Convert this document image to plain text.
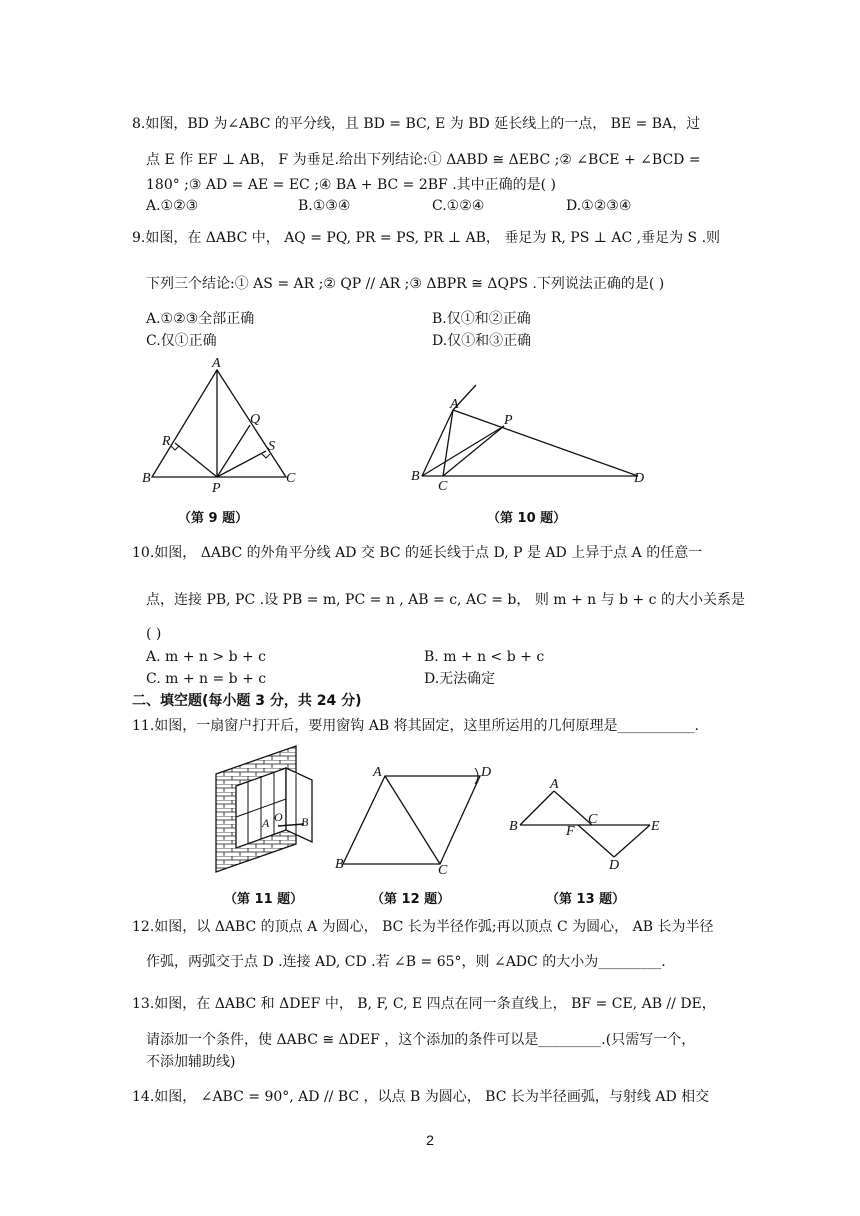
8.如图，BD 为∠ABC 的平分线，且 BD = BC, E 为 BD 延长线上的一点， BE = BA，过
点 E 作 EF ⊥ AB， F 为垂足.给出下列结论:① ΔABD ≅ ΔEBC ;② ∠BCE + ∠BCD =
180° ;③ AD = AE = EC ;④ BA + BC = 2BF .其中正确的是( )
A.①②③	B.①③④	C.①②④	D.①②③④
9.如图，在 ΔABC 中， AQ = PQ, PR = PS, PR ⊥ AB， 垂足为 R, PS ⊥ AC ,垂足为 S .则
下列三个结论:① AS = AR ;② QP // AR ;③ ΔBPR ≅ ΔQPS .下列说法正确的是( )
A.①②③全部正确	B.仅①和②正确
C.仅①正确	D.仅①和③正确
A
B	C
P
Q
R	S
（第 9 题）
A
B
C
P
D
（第 10 题）
10.如图， ΔABC 的外角平分线 AD 交 BC 的延长线于点 D, P 是 AD 上异于点 A 的任意一
点，连接 PB, PC .设 PB = m, PC = n , AB = c, AC = b， 则 m + n 与 b + c 的大小关系是
( )
A. m + n > b + c	B. m + n < b + c
C. m + n = b + c	D.无法确定
二、填空题(每小题 3 分，共 24 分)
11.如图，一扇窗户打开后，要用窗钩 AB 将其固定，这里所运用的几何原理是___________.
A O B
（第 11 题）
A	D
B	C
（第 12 题）
A
B	C
F	E
D
（第 13 题）
12.如图，以 ΔABC 的顶点 A 为圆心， BC 长为半径作弧;再以顶点 C 为圆心， AB 长为半径
作弧，两弧交于点 D .连接 AD, CD .若 ∠B = 65°，则 ∠ADC 的大小为_________.
13.如图，在 ΔABC 和 ΔDEF 中， B, F, C, E 四点在同一条直线上， BF = CE, AB // DE，
请添加一个条件，使 ΔABC ≅ ΔDEF ，这个添加的条件可以是_________.(只需写一个，
不添加辅助线)
14.如图， ∠ABC = 90°, AD // BC ，以点 B 为圆心， BC 长为半径画弧，与射线 AD 相交
2
